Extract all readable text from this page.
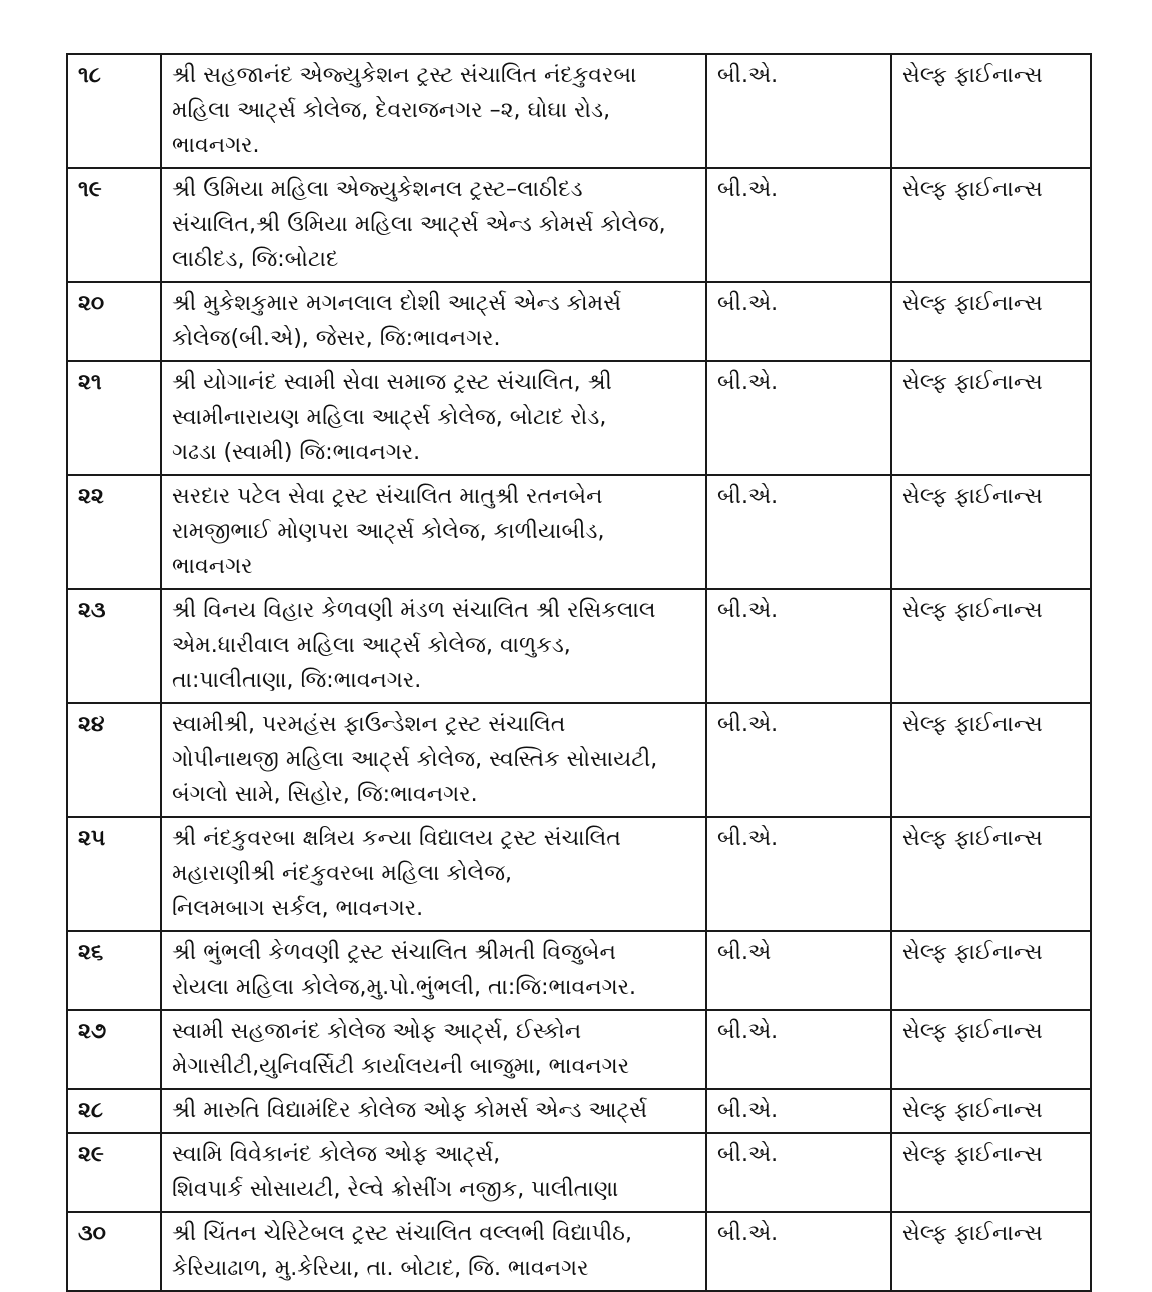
૧૮	શ્રી સહજાનંદ એજ્યુકેશન ટ્રસ્ટ સંચાલિત નંદકુવરબા
મહિલા આર્ટ્સ કોલેજ, દેવરાજનગર –૨, ઘોઘા રોડ,
ભાવનગર.	બી.એ.	સેલ્ફ ફાઈનાન્સ
૧૯	શ્રી ઉમિયા મહિલા એજ્યુકેશનલ ટ્રસ્ટ–લાઠીદડ
સંચાલિત,શ્રી ઉમિયા મહિલા આર્ટ્સ એન્ડ કોમર્સ કોલેજ,
લાઠીદડ, જિ:બોટાદ	બી.એ.	સેલ્ફ ફાઈનાન્સ
૨૦	શ્રી મુકેશકુમાર મગનલાલ દોશી આર્ટ્સ એન્ડ કોમર્સ
કોલેજ(બી.એ), જેસર, જિ:ભાવનગર.	બી.એ.	સેલ્ફ ફાઈનાન્સ
૨૧	શ્રી યોગાનંદ સ્વામી સેવા સમાજ ટ્રસ્ટ સંચાલિત, શ્રી
સ્વામીનારાયણ મહિલા આર્ટ્સ કોલેજ, બોટાદ રોડ,
ગઢડા (સ્વામી) જિ:ભાવનગર.	બી.એ.	સેલ્ફ ફાઈનાન્સ
૨૨	સરદાર પટેલ સેવા ટ્રસ્ટ સંચાલિત માતુશ્રી રતનબેન
રામજીભાઈ મોણપરા આર્ટ્સ કોલેજ, કાળીયાબીડ,
ભાવનગર	બી.એ.	સેલ્ફ ફાઈનાન્સ
૨૩	શ્રી વિનય વિહાર કેળવણી મંડળ સંચાલિત શ્રી રસિકલાલ
એમ.ધારીવાલ મહિલા આર્ટ્સ કોલેજ, વાળુકડ,
તા:પાલીતાણા, જિ:ભાવનગર.	બી.એ.	સેલ્ફ ફાઈનાન્સ
૨૪	સ્વામીશ્રી, પરમહંસ ફાઉન્ડેશન ટ્રસ્ટ સંચાલિત
ગોપીનાથજી મહિલા આર્ટ્સ કોલેજ, સ્વસ્તિક સોસાયટી,
બંગલો સામે, સિહોર, જિ:ભાવનગર.	બી.એ.	સેલ્ફ ફાઈનાન્સ
૨૫	શ્રી નંદકુવરબા ક્ષત્રિય કન્યા વિદ્યાલય ટ્રસ્ટ સંચાલિત
મહારાણીશ્રી નંદકુવરબા મહિલા કોલેજ,
નિલમબાગ સર્કલ, ભાવનગર.	બી.એ.	સેલ્ફ ફાઈનાન્સ
૨૬	શ્રી ભુંભલી કેળવણી ટ્રસ્ટ સંચાલિત શ્રીમતી વિજુબેન
રોયલા મહિલા કોલેજ,મુ.પો.ભુંભલી, તા:જિ:ભાવનગર.	બી.એ	સેલ્ફ ફાઈનાન્સ
૨૭	સ્વામી સહજાનંદ કોલેજ ઓફ આર્ટ્સ, ઈસ્કોન
મેગાસીટી,યુનિવર્સિટી કાર્યાલયની બાજુમા, ભાવનગર	બી.એ.	સેલ્ફ ફાઈનાન્સ
૨૮	શ્રી મારુતિ વિદ્યામંદિર કોલેજ ઓફ કોમર્સ એન્ડ આર્ટ્સ	બી.એ.	સેલ્ફ ફાઈનાન્સ
૨૯	સ્વામિ વિવેકાનંદ કોલેજ ઓફ આર્ટ્સ,
શિવપાર્ક સોસાયટી, રેલ્વે ક્રોસીંગ નજીક, પાલીતાણા	બી.એ.	સેલ્ફ ફાઈનાન્સ
૩૦	શ્રી ચિંતન ચેરિટેબલ ટ્રસ્ટ સંચાલિત વલ્લભી વિદ્યાપીઠ,
કેરિયાઢાળ, મુ.કેરિયા, તા. બોટાદ, જિ. ભાવનગર	બી.એ.	સેલ્ફ ફાઈનાન્સ
